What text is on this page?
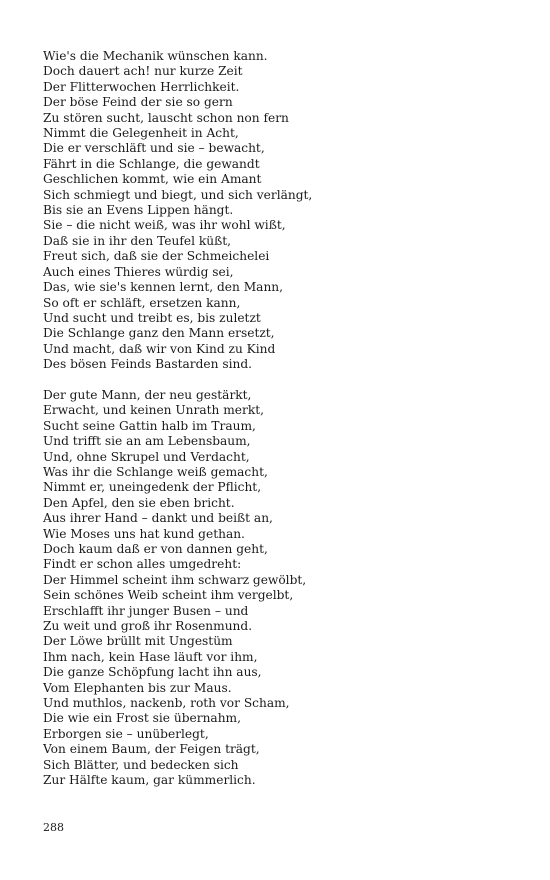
Wie's die Mechanik wünschen kann.
Doch dauert ach! nur kurze Zeit
Der Flitterwochen Herrlichkeit.
Der böse Feind der sie so gern
Zu stören sucht, lauscht schon non fern
Nimmt die Gelegenheit in Acht,
Die er verschläft und sie – bewacht,
Fährt in die Schlange, die gewandt
Geschlichen kommt, wie ein Amant
Sich schmiegt und biegt, und sich verlängt,
Bis sie an Evens Lippen hängt.
Sie – die nicht weiß, was ihr wohl wißt,
Daß sie in ihr den Teufel küßt,
Freut sich, daß sie der Schmeichelei
Auch eines Thieres würdig sei,
Das, wie sie's kennen lernt, den Mann,
So oft er schläft, ersetzen kann,
Und sucht und treibt es, bis zuletzt
Die Schlange ganz den Mann ersetzt,
Und macht, daß wir von Kind zu Kind
Des bösen Feinds Bastarden sind.

Der gute Mann, der neu gestärkt,
Erwacht, und keinen Unrath merkt,
Sucht seine Gattin halb im Traum,
Und trifft sie an am Lebensbaum,
Und, ohne Skrupel und Verdacht,
Was ihr die Schlange weiß gemacht,
Nimmt er, uneingedenk der Pflicht,
Den Apfel, den sie eben bricht.
Aus ihrer Hand – dankt und beißt an,
Wie Moses uns hat kund gethan.
Doch kaum daß er von dannen geht,
Findt er schon alles umgedreht:
Der Himmel scheint ihm schwarz gewölbt,
Sein schönes Weib scheint ihm vergelbt,
Erschlafft ihr junger Busen – und
Zu weit und groß ihr Rosenmund.
Der Löwe brüllt mit Ungestüm
Ihm nach, kein Hase läuft vor ihm,
Die ganze Schöpfung lacht ihn aus,
Vom Elephanten bis zur Maus.
Und muthlos, nackenb, roth vor Scham,
Die wie ein Frost sie übernahm,
Erborgen sie – unüberlegt,
Von einem Baum, der Feigen trägt,
Sich Blätter, und bedecken sich
Zur Hälfte kaum, gar kümmerlich.

288
